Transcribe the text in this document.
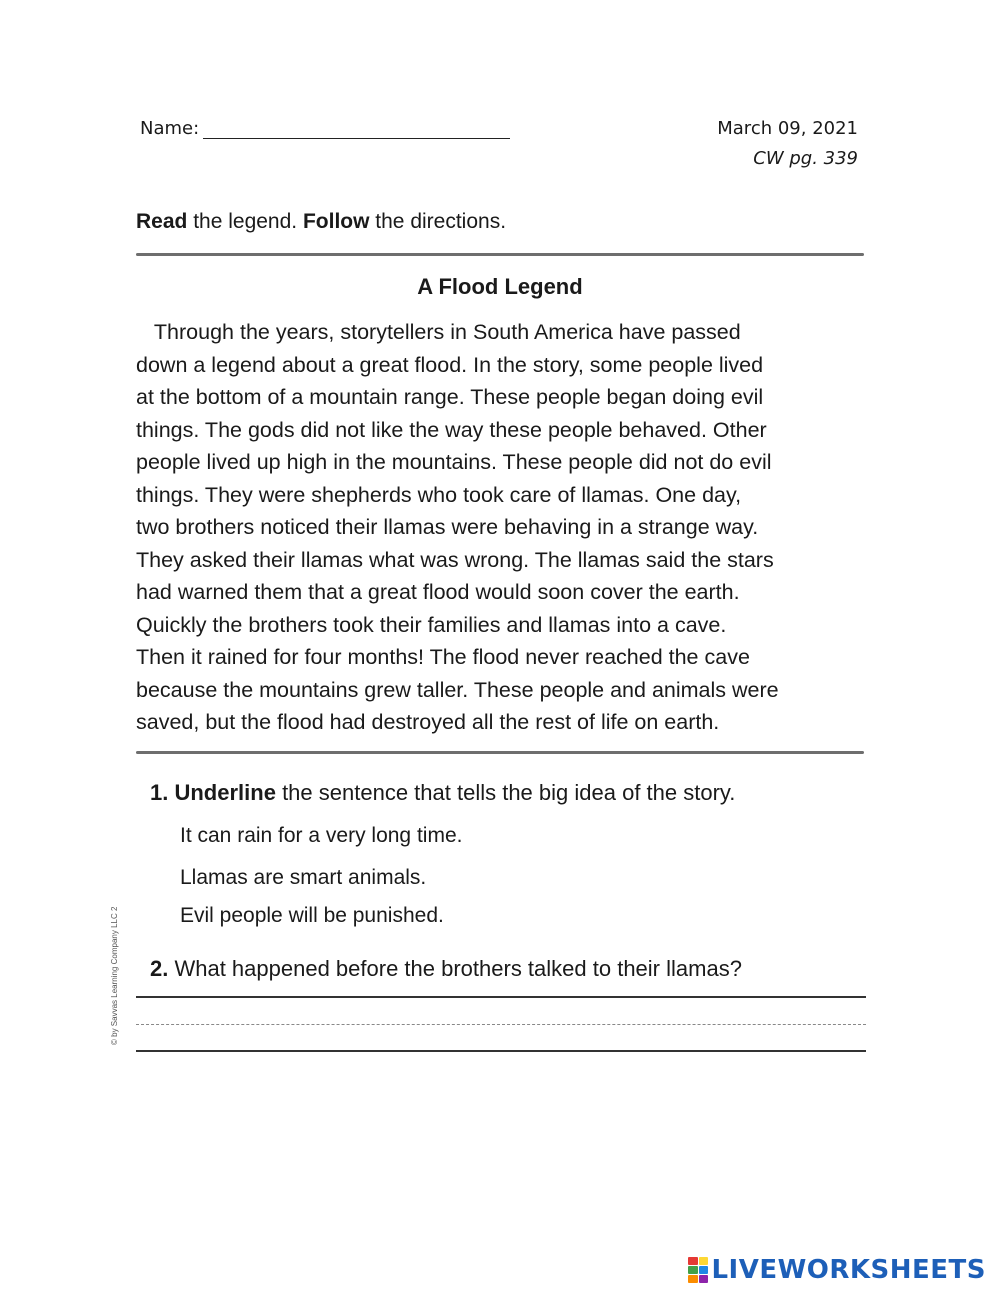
Name:	March 09, 2021
CW pg. 339
Read the legend. Follow the directions.
A Flood Legend
Through the years, storytellers in South America have passed
down a legend about a great flood. In the story, some people lived
at the bottom of a mountain range. These people began doing evil
things. The gods did not like the way these people behaved. Other
people lived up high in the mountains. These people did not do evil
things. They were shepherds who took care of llamas. One day,
two brothers noticed their llamas were behaving in a strange way.
They asked their llamas what was wrong. The llamas said the stars
had warned them that a great flood would soon cover the earth.
Quickly the brothers took their families and llamas into a cave.
Then it rained for four months! The flood never reached the cave
because the mountains grew taller. These people and animals were
saved, but the flood had destroyed all the rest of life on earth.
1. Underline the sentence that tells the big idea of the story.
It can rain for a very long time.
Llamas are smart animals.
Evil people will be punished.
2. What happened before the brothers talked to their llamas?
© by Savvas Learning Company LLC 2
LIVEWORKSHEETS
